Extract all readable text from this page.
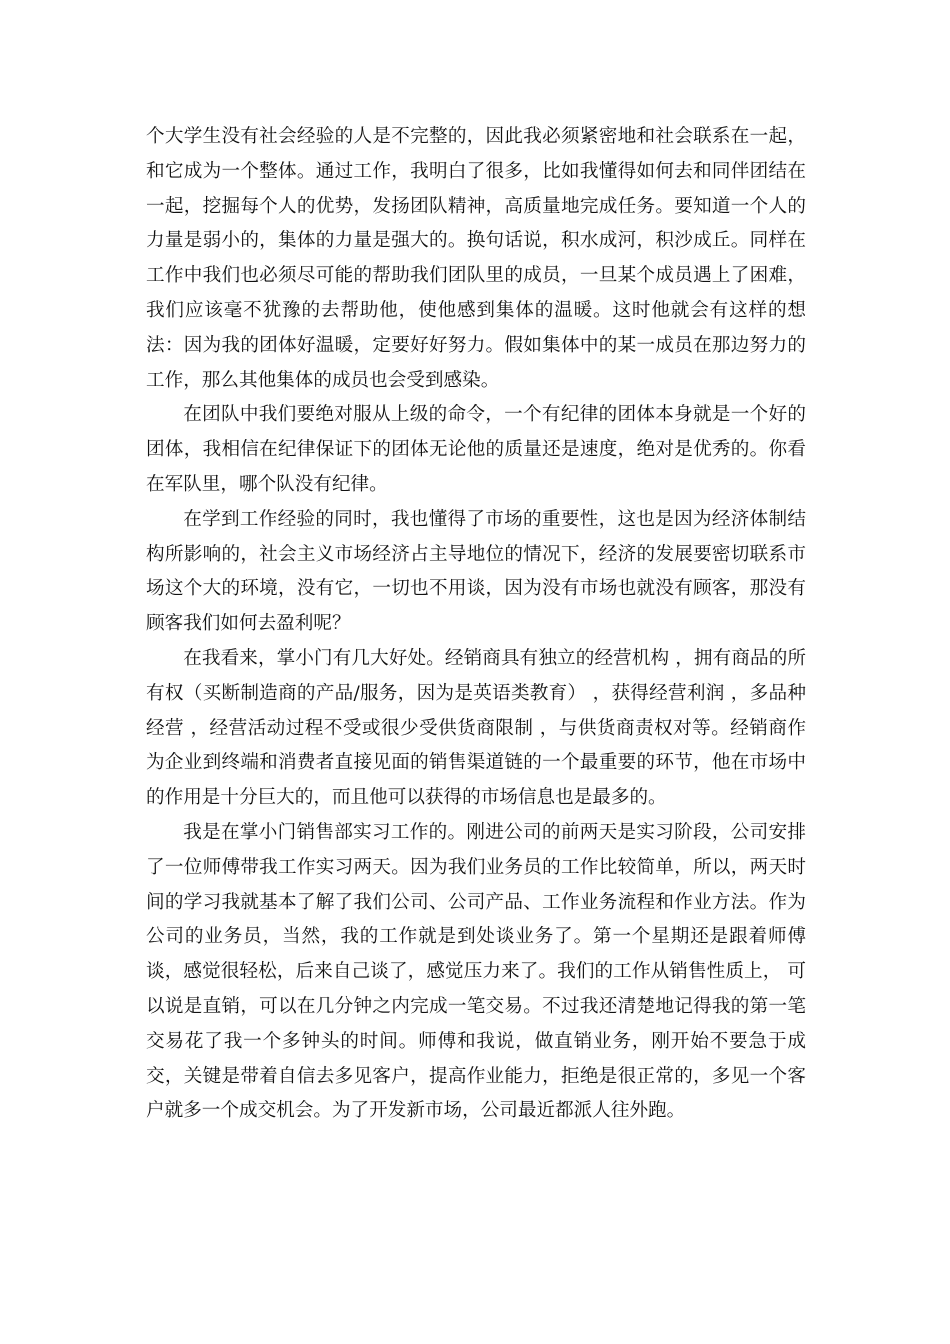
个大学生没有社会经验的人是不完整的，因此我必须紧密地和社会联系在一起，和它成为一个整体。通过工作，我明白了很多，比如我懂得如何去和同伴团结在一起，挖掘每个人的优势，发扬团队精神，高质量地完成任务。要知道一个人的力量是弱小的，集体的力量是强大的。换句话说，积水成河，积沙成丘。同样在工作中我们也必须尽可能的帮助我们团队里的成员，一旦某个成员遇上了困难，我们应该毫不犹豫的去帮助他，使他感到集体的温暖。这时他就会有这样的想法：因为我的团体好温暖，定要好好努力。假如集体中的某一成员在那边努力的工作，那么其他集体的成员也会受到感染。

在团队中我们要绝对服从上级的命令，一个有纪律的团体本身就是一个好的团体，我相信在纪律保证下的团体无论他的质量还是速度，绝对是优秀的。你看在军队里，哪个队没有纪律。

在学到工作经验的同时，我也懂得了市场的重要性，这也是因为经济体制结构所影响的，社会主义市场经济占主导地位的情况下，经济的发展要密切联系市场这个大的环境，没有它，一切也不用谈，因为没有市场也就没有顾客，那没有顾客我们如何去盈利呢？

在我看来，掌小门有几大好处。经销商具有独立的经营机构 ，拥有商品的所有权（买断制造商的产品/服务，因为是英语类教育） ，获得经营利润 ，多品种经营 ，经营活动过程不受或很少受供货商限制 ，与供货商责权对等。经销商作为企业到终端和消费者直接见面的销售渠道链的一个最重要的环节，他在市场中的作用是十分巨大的，而且他可以获得的市场信息也是最多的。

我是在掌小门销售部实习工作的。刚进公司的前两天是实习阶段，公司安排了一位师傅带我工作实习两天。因为我们业务员的工作比较简单，所以，两天时间的学习我就基本了解了我们公司、公司产品、工作业务流程和作业方法。作为公司的业务员，当然，我的工作就是到处谈业务了。第一个星期还是跟着师傅谈，感觉很轻松，后来自己谈了，感觉压力来了。我们的工作从销售性质上， 可以说是直销，可以在几分钟之内完成一笔交易。不过我还清楚地记得我的第一笔交易花了我一个多钟头的时间。师傅和我说，做直销业务，刚开始不要急于成交，关键是带着自信去多见客户，提高作业能力，拒绝是很正常的，多见一个客户就多一个成交机会。为了开发新市场，公司最近都派人往外跑。
